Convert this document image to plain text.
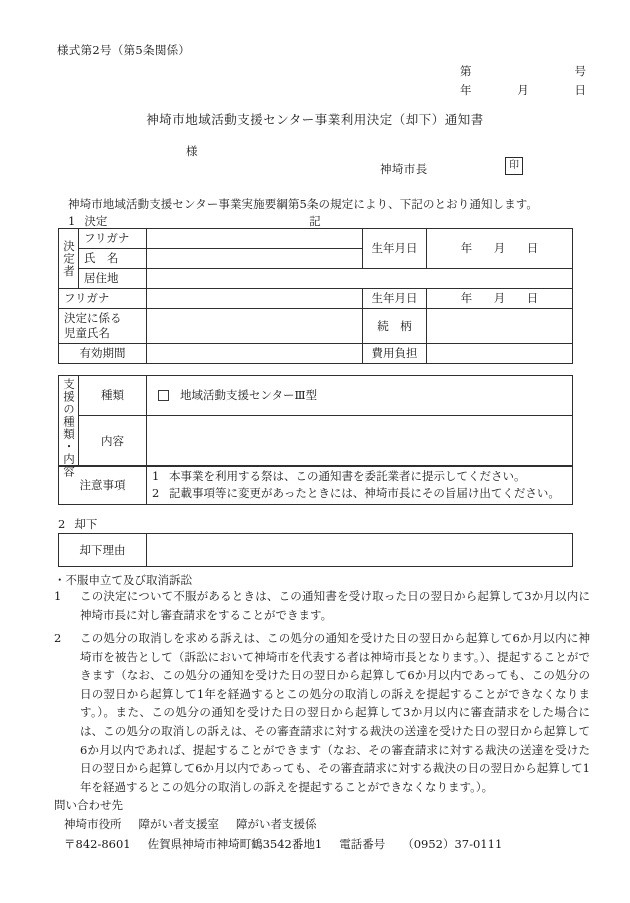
様式第2号（第5条関係）
第	号
年	月	日
神埼市地域活動支援センター事業利用決定（却下）通知書
様
神埼市長	印
神埼市地域活動支援センター事業実施要綱第5条の規定により、下記のとおり通知します。
記
1 決定
決定者	フリガナ		生年月日	年 月 日

	氏　名			
	居住地			
フリガナ			生年月日	年 月 日

決定に係る
児童氏名			続　柄	
有効期間			費用負担	
支援の種類・内容	種類	地域活動支援センターⅢ型

	内容	
注意事項	
1 本事業を利用する祭は、この通知書を委託業者に提示してください。
2 記載事項等に変更があったときには、神埼市長にその旨届け出てください。
2 却下
却下理由	
・不服申立て及び取消訴訟
1	この決定について不服があるときは、この通知書を受け取った日の翌日から起算して3か月以内に神埼市長に対し審査請求をすることができます。
2	この処分の取消しを求める訴えは、この処分の通知を受けた日の翌日から起算して6か月以内に神埼市を被告として（訴訟において神埼市を代表する者は神埼市長となります。）、提起することができます（なお、この処分の通知を受けた日の翌日から起算して6か月以内であっても、この処分の日の翌日から起算して1年を経過するとこの処分の取消しの訴えを提起することができなくなります。）。また、この処分の通知を受けた日の翌日から起算して3か月以内に審査請求をした場合には、この処分の取消しの訴えは、その審査請求に対する裁決の送達を受けた日の翌日から起算して6か月以内であれば、提起することができます（なお、その審査請求に対する裁決の送達を受けた日の翌日から起算して6か月以内であっても、その審査請求に対する裁決の日の翌日から起算して1年を経過するとこの処分の取消しの訴えを提起することができなくなります。）。
問い合わせ先
神埼市役所 障がい者支援室 障がい者支援係
〒842-8601 佐賀県神埼市神埼町鶴3542番地1 電話番号 （0952）37-0111
